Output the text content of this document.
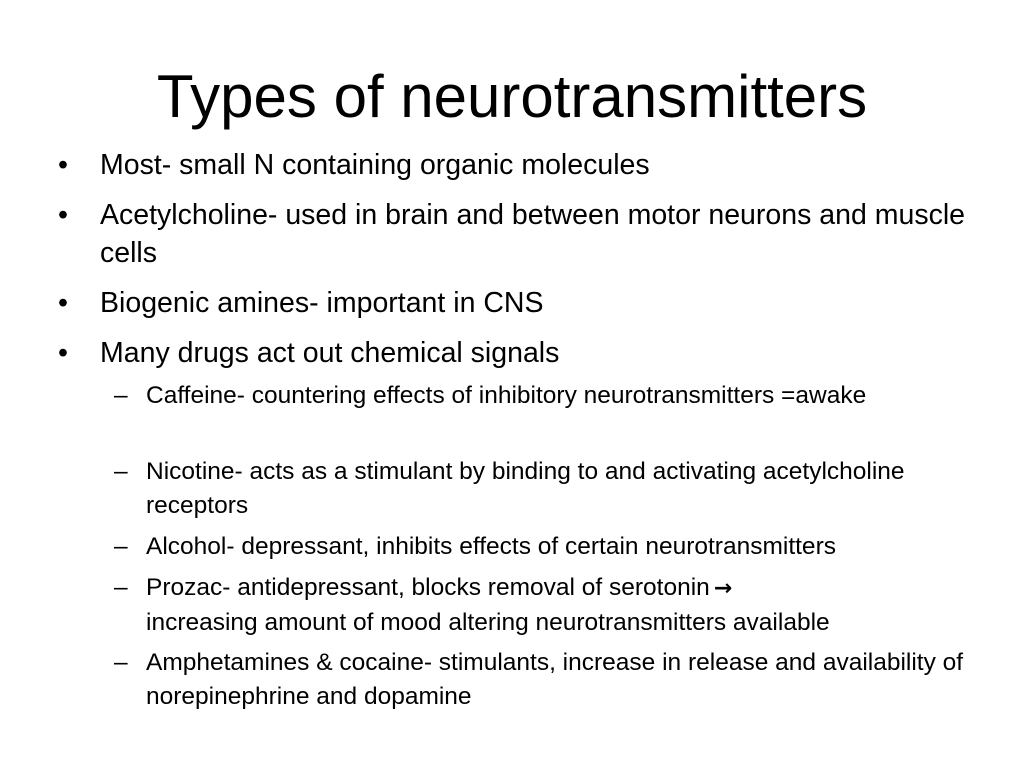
Types of neurotransmitters
• Most- small N containing organic molecules
• Acetylcholine- used in brain and between motor neurons and muscle cells
• Biogenic amines- important in CNS
• Many drugs act out chemical signals
– Caffeine- countering effects of inhibitory neurotransmitters =awake
– Nicotine- acts as a stimulant by binding to and activating acetylcholine receptors
– Alcohol- depressant, inhibits effects of certain neurotransmitters
– Prozac- antidepressant, blocks removal of serotonin →
increasing amount of mood altering neurotransmitters available
– Amphetamines & cocaine- stimulants, increase in release and availability of norepinephrine and dopamine
